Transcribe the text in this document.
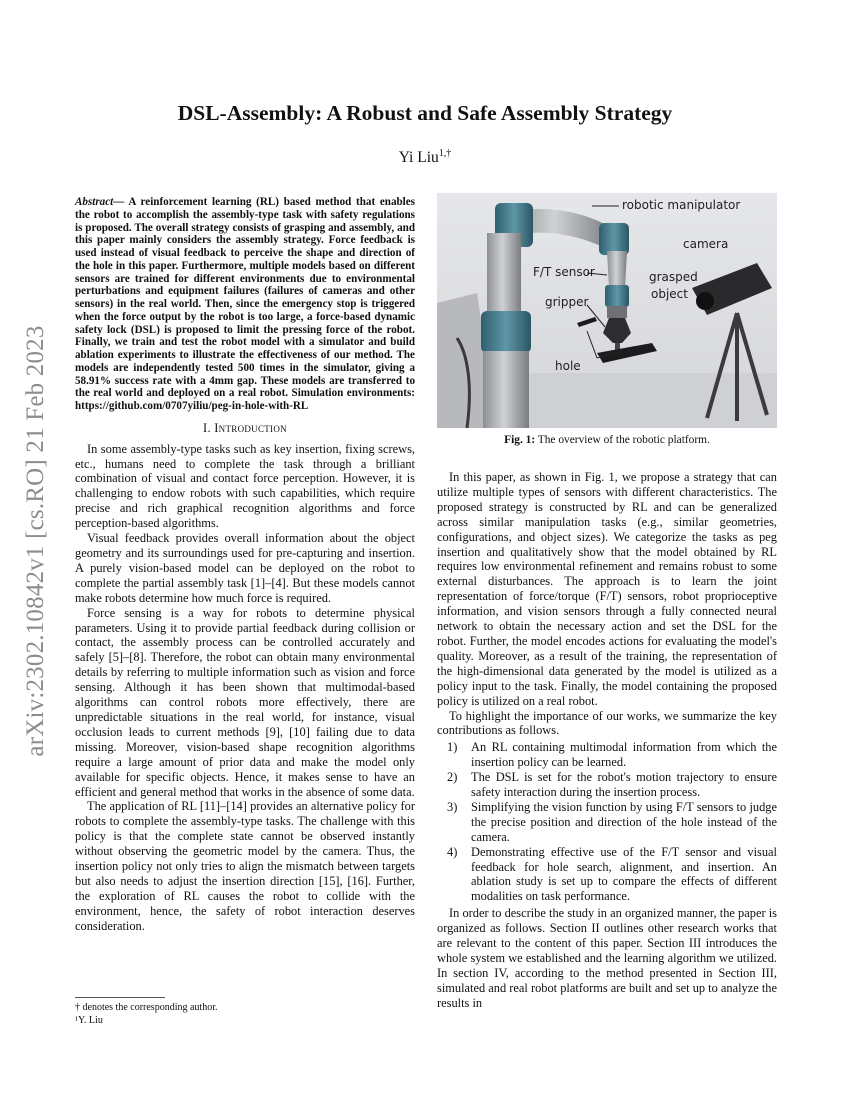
arXiv:2302.10842v1 [cs.RO] 21 Feb 2023
DSL-Assembly: A Robust and Safe Assembly Strategy
Yi Liu$^{1,\dagger}$

Abstract— A reinforcement learning (RL) based method that enables the robot to accomplish the assembly-type task with safety regulations is proposed. The overall strategy consists of grasping and assembly, and this paper mainly considers the assembly strategy. Force feedback is used instead of visual feedback to perceive the shape and direction of the hole in this paper. Furthermore, multiple models based on different sensors are trained for different environments due to environmental perturbations and equipment failures (failures of cameras and other sensors) in the real world. Then, since the emergency stop is triggered when the force output by the robot is too large, a force-based dynamic safety lock (DSL) is proposed to limit the pressing force of the robot. Finally, we train and test the robot model with a simulator and build ablation experiments to illustrate the effectiveness of our method. The models are independently tested 500 times in the simulator, giving a 58.91% success rate with a 4mm gap. These models are transferred to the real world and deployed on a real robot. Simulation environments: https://github.com/0707yiliu/peg-in-hole-with-RL

I. Introduction

In some assembly-type tasks such as key insertion, fixing screws, etc., humans need to complete the task through a brilliant combination of visual and contact force perception. However, it is challenging to endow robots with such capabilities, which require precise and rich graphical recognition algorithms and force perception-based algorithms.

Visual feedback provides overall information about the object geometry and its surroundings used for pre-capturing and insertion. A purely vision-based model can be deployed on the robot to complete the partial assembly task [1]–[4]. But these models cannot make robots determine how much force is required.

Force sensing is a way for robots to determine physical parameters. Using it to provide partial feedback during collision or contact, the assembly process can be controlled accurately and safely [5]–[8]. Therefore, the robot can obtain many environmental details by referring to multiple information such as vision and force sensing. Although it has been shown that multimodal-based algorithms can control robots more effectively, there are unpredictable situations in the real world, for instance, visual occlusion leads to current methods [9], [10] failing due to data missing. Moreover, vision-based shape recognition algorithms require a large amount of prior data and make the model only available for specific objects. Hence, it makes sense to have an efficient and general method that works in the absence of some data.

The application of RL [11]–[14] provides an alternative policy for robots to complete the assembly-type tasks. The challenge with this policy is that the complete state cannot be observed instantly without observing the geometric model by the camera. Thus, the insertion policy not only tries to align the mismatch between targets but also needs to adjust the insertion direction [15], [16]. Further, the exploration of RL causes the robot to collide with the environment, hence, the safety of robot interaction deserves consideration.

† denotes the corresponding author.
¹Y. Liu
robotic manipulator
camera
F/T sensor	grasped
object
gripper
hole
Fig. 1: The overview of the robotic platform.

In this paper, as shown in Fig. 1, we propose a strategy that can utilize multiple types of sensors with different characteristics. The proposed strategy is constructed by RL and can be generalized across similar manipulation tasks (e.g., similar geometries, configurations, and object sizes). We categorize the tasks as peg insertion and qualitatively show that the model obtained by RL requires low environmental refinement and remains robust to some external disturbances. The approach is to learn the joint representation of force/torque (F/T) sensors, robot proprioceptive information, and vision sensors through a fully connected neural network to obtain the necessary action and set the DSL for the robot. Further, the model encodes actions for evaluating the model's quality. Moreover, as a result of the training, the representation of the high-dimensional data generated by the model is utilized as a policy input to the task. Finally, the model containing the proposed policy is utilized on a real robot.

To highlight the importance of our works, we summarize the key contributions as follows.

1) An RL containing multimodal information from which the insertion policy can be learned.
2) The DSL is set for the robot's motion trajectory to ensure safety interaction during the insertion process.
3) Simplifying the vision function by using F/T sensors to judge the precise position and direction of the hole instead of the camera.
4) Demonstrating effective use of the F/T sensor and visual feedback for hole search, alignment, and insertion. An ablation study is set up to compare the effects of different modalities on task performance.

In order to describe the study in an organized manner, the paper is organized as follows. Section II outlines other research works that are relevant to the content of this paper. Section III introduces the whole system we established and the learning algorithm we utilized. In section IV, according to the method presented in Section III, simulated and real robot platforms are built and set up to analyze the results in
